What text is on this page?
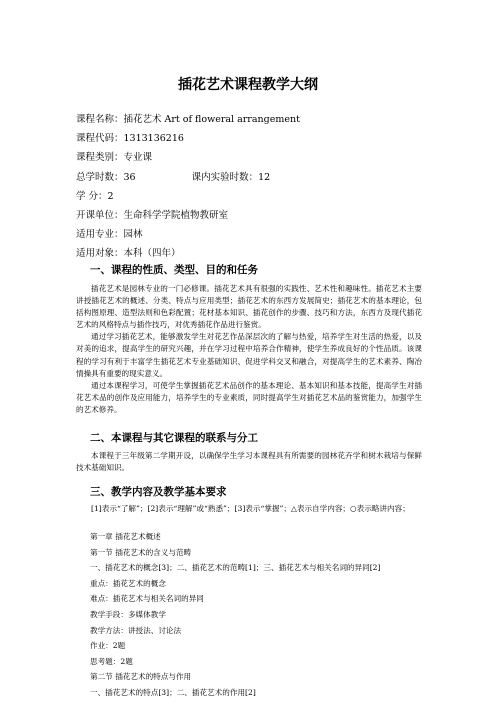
插花艺术课程教学大纲
课程名称：插花艺术 Art of floweral arrangement
课程代码：1313136216
课程类别：专业课
总学时数：36	课内实验时数：12
学 分：2
开课单位：生命科学学院植物教研室
适用专业：园林
适用对象：本科（四年）
一、课程的性质、类型、目的和任务

插花艺术是园林专业的一门必修课。插花艺术具有很强的实践性、艺术性和趣味性。插花艺术主要讲授插花艺术的概述、分类、特点与应用类型；插花艺术的东西方发展简史；插花艺术的基本理论，包括构图原理、造型法则和色彩配置；花材基本知识、插花创作的步骤、技巧和方法，东西方及现代插花艺术的风格特点与插作技巧，对优秀插花作品进行鉴赏。

通过学习插花艺术，能够激发学生对花艺作品深层次的了解与热爱，培养学生对生活的热爱，以及对美的追求，提高学生的研究兴趣，并在学习过程中培养合作精神，使学生养成良好的个性品质。该课程的学习有利于丰富学生插花艺术专业基础知识、促进学科交叉和融合，对提高学生的艺术素养、陶冶情操具有重要的现实意义。

通过本课程学习，可使学生掌握插花艺术品创作的基本理论、基本知识和基本技能，提高学生对插花艺术品的创作及应用能力，培养学生的专业素质，同时提高学生对插花艺术品的鉴赏能力，加强学生的艺术修养。

二、本课程与其它课程的联系与分工

本课程于三年级第二学期开设，以确保学生学习本课程具有所需要的园林花卉学和树木栽培与保鲜技术基础知识。

三、教学内容及教学基本要求

[1]表示“了解”；[2]表示“理解”或“熟悉”；[3]表示“掌握”；△表示自学内容；○表示略讲内容；

第一章 插花艺术概述
第一节 插花艺术的含义与范畴
一、插花艺术的概念[3]；二、插花艺术的范畴[1]；三、插花艺术与相关名词的异同[2]
重点：插花艺术的概念
难点：插花艺术与相关名词的异同
教学手段：多媒体教学
教学方法：讲授法、讨论法
作业：2题
思考题：2题
第二节 插花艺术的特点与作用
一、插花艺术的特点[3]；二、插花艺术的作用[2]
